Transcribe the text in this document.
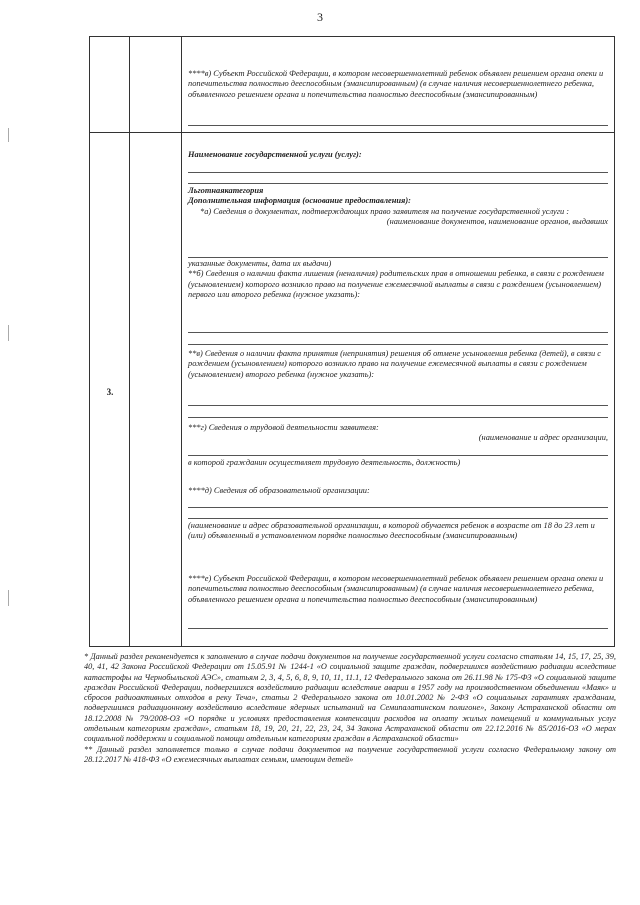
3

****в) Субъект Российской Федерации, в котором несовершеннолетний ребенок объявлен решением органа опеки и попечительства полностью дееспособным (эмансипированным) (в случае наличия несовершеннолетнего ребенка, объявленного решением органа и попечительства полностью дееспособным (эмансипированным)

3.

Наименование государственной услуги (услуг):

Льготнаякатегория

Дополнительная информация (основание предоставления):

*а) Сведения о документах, подтверждающих право заявителя на получение государственной услуги :

(наименование документов, наименование органов, выдавших

указанные документы, дата их выдачи)

**б) Сведения о наличии факта лишения (неналичия) родительских прав в отношении ребенка, в связи с рождением (усыновлением) которого возникло право на получение ежемесячной выплаты в связи с рождением (усыновлением) первого или второго ребенка (нужное указать):

**в) Сведения о наличии факта принятия (непринятия) решения об отмене усыновления ребенка (детей), в связи с рождением (усыновлением) которого возникло право на получение ежемесячной выплаты в связи с рождением (усыновлением) второго ребенка (нужное указать):

***г) Сведения о трудовой деятельности заявителя:

(наименование и адрес организации,

в которой гражданин осуществляет трудовую деятельность, должность)

****д) Сведения об образовательной организации:

(наименование и адрес образовательной организации, в которой обучается ребенок в возрасте от 18 до 23 лет и (или) объявленный в установленном порядке полностью дееспособным (эмансипированным)

****е) Субъект Российской Федерации, в котором несовершеннолетний ребенок объявлен решением органа опеки и попечительства полностью дееспособным (эмансипированным) (в случае наличия несовершеннолетнего ребенка, объявленного решением органа и попечительства полностью дееспособным (эмансипированным)

* Данный раздел рекомендуется к заполнению в случае подачи документов на получение государственной услуги согласно статьям 14, 15, 17, 25, 39, 40, 41, 42 Закона Российской Федерации от 15.05.91 № 1244-1 «О социальной защите граждан, подвергшихся воздействию радиации вследствие катастрофы на Чернобыльской АЭС», статьям 2, 3, 4, 5, 6, 8, 9, 10, 11, 11.1, 12 Федерального закона от 26.11.98 № 175-ФЗ «О социальной защите граждан Российской Федерации, подвергшихся воздействию радиации вследствие аварии в 1957 году на производственном объединении «Маяк» и сбросов радиоактивных отходов в реку Теча», статьи 2 Федерального закона от 10.01.2002 № 2-ФЗ «О социальных гарантиях гражданам, подвергшимся радиационному воздействию вследствие ядерных испытаний на Семипалатинском полигоне», Закону Астраханской области от 18.12.2008 № 79/2008-ОЗ «О порядке и условиях предоставления компенсации расходов на оплату жилых помещений и коммунальных услуг отдельным категориям граждан», статьям 18, 19, 20, 21, 22, 23, 24, 34 Закона Астраханской области от 22.12.2016 № 85/2016-ОЗ «О мерах социальной поддержки и социальной помощи отдельным категориям граждан в Астраханской области»

** Данный раздел заполняется только в случае подачи документов на получение государственной услуги согласно Федеральному закону от 28.12.2017 № 418-ФЗ «О ежемесячных выплатах семьям, имеющим детей»
